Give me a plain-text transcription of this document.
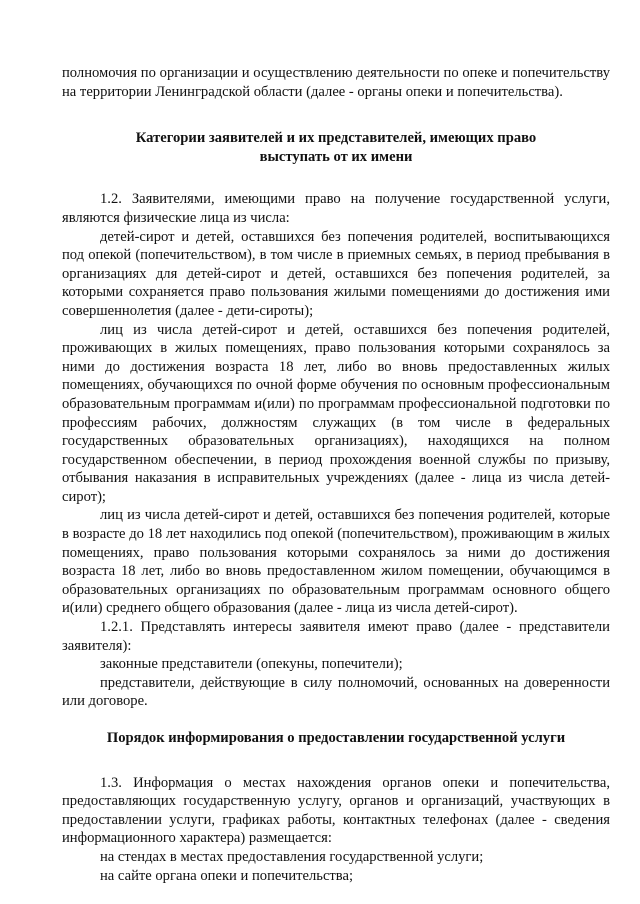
полномочия по организации и осуществлению деятельности по опеке и попечительству на территории Ленинградской области (далее - органы опеки и попечительства).

Категории заявителей и их представителей, имеющих право выступать от их имени

1.2. Заявителями, имеющими право на получение государственной услуги, являются физические лица из числа:

детей-сирот и детей, оставшихся без попечения родителей, воспитывающихся под опекой (попечительством), в том числе в приемных семьях, в период пребывания в организациях для детей-сирот и детей, оставшихся без попечения родителей, за которыми сохраняется право пользования жилыми помещениями до достижения ими совершеннолетия (далее - дети-сироты);

лиц из числа детей-сирот и детей, оставшихся без попечения родителей, проживающих в жилых помещениях, право пользования которыми сохранялось за ними до достижения возраста 18 лет, либо во вновь предоставленных жилых помещениях, обучающихся по очной форме обучения по основным профессиональным образовательным программам и(или) по программам профессиональной подготовки по профессиям рабочих, должностям служащих (в том числе в федеральных государственных образовательных организациях), находящихся на полном государственном обеспечении, в период прохождения военной службы по призыву, отбывания наказания в исправительных учреждениях (далее - лица из числа детей-сирот);

лиц из числа детей-сирот и детей, оставшихся без попечения родителей, которые в возрасте до 18 лет находились под опекой (попечительством), проживающим в жилых помещениях, право пользования которыми сохранялось за ними до достижения возраста 18 лет, либо во вновь предоставленном жилом помещении, обучающимся в образовательных организациях по образовательным программам основного общего и(или) среднего общего образования (далее - лица из числа детей-сирот).

1.2.1. Представлять интересы заявителя имеют право (далее - представители заявителя):

законные представители (опекуны, попечители);

представители, действующие в силу полномочий, основанных на доверенности или договоре.

Порядок информирования о предоставлении государственной услуги

1.3. Информация о местах нахождения органов опеки и попечительства, предоставляющих государственную услугу, органов и организаций, участвующих в предоставлении услуги, графиках работы, контактных телефонах (далее - сведения информационного характера) размещается:

на стендах в местах предоставления государственной услуги;

на сайте органа опеки и попечительства;
